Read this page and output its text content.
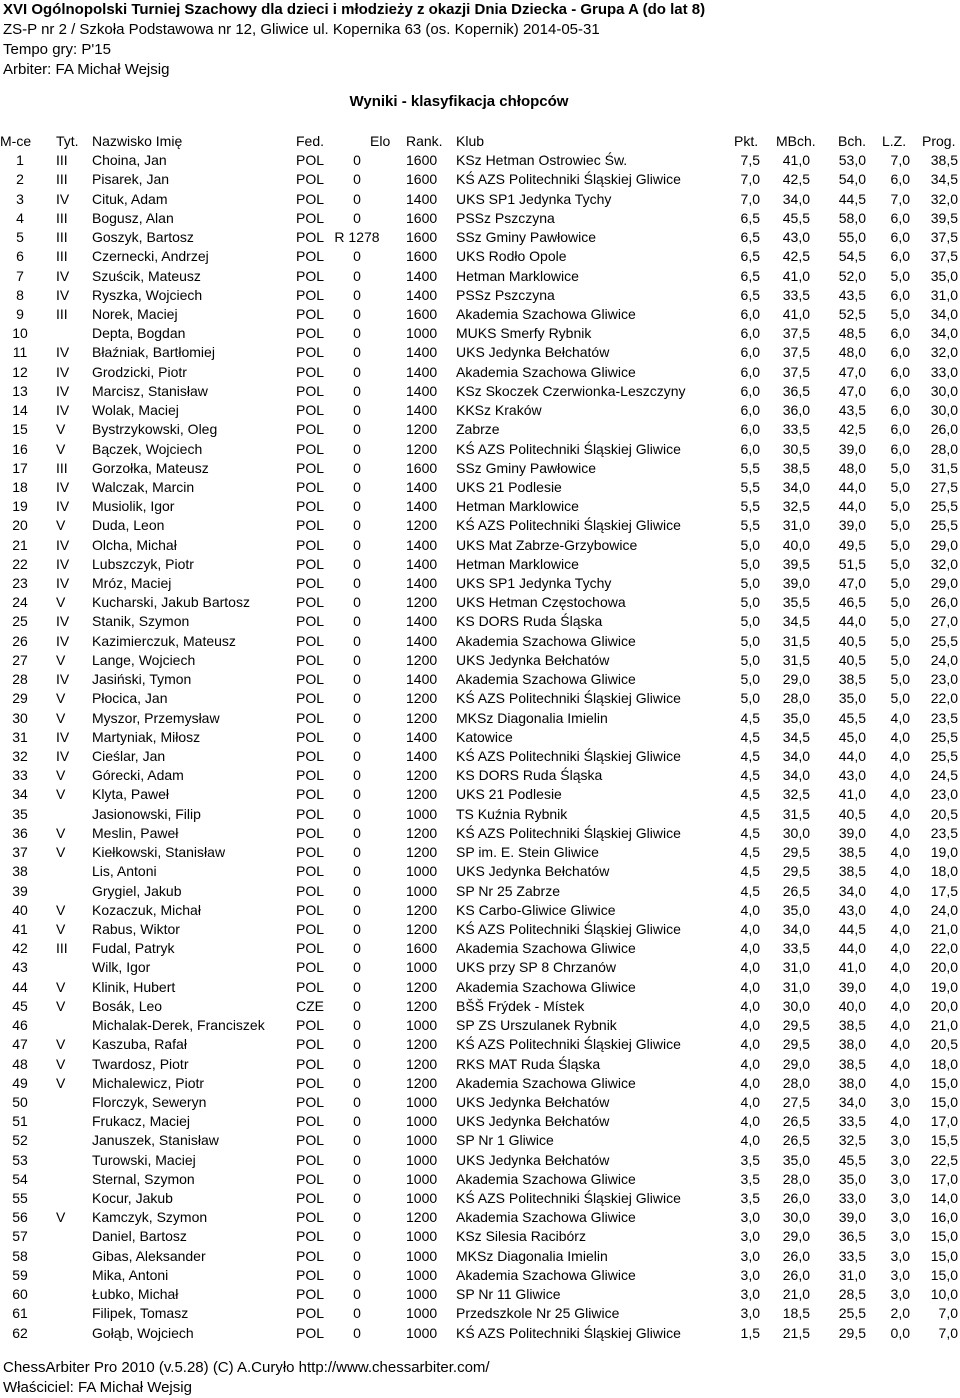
XVI Ogólnopolski Turniej Szachowy dla dzieci i młodzieży z okazji Dnia Dziecka - Grupa A (do lat 8)
ZS-P nr 2 / Szkoła Podstawowa nr 12, Gliwice ul. Kopernika 63 (os. Kopernik) 2014-05-31
Tempo gry: P'15
Arbiter: FA Michał Wejsig
Wyniki - klasyfikacja chłopców
M-ce Tyt. Nazwisko Imię	Fed.	Elo Rank. Klub	Pkt. MBch. Bch. L.Z. Prog.
1	III Choina, Jan	POL	0	1600 KSz Hetman Ostrowiec Św.	7,5	41,0	53,0	7,0	38,5
2	III Pisarek, Jan	POL	0	1600 KŚ AZS Politechniki Śląskiej Gliwice	7,0	42,5	54,0	6,0	34,5
3	IV Cituk, Adam	POL	0	1400 UKS SP1 Jedynka Tychy	7,0	34,0	44,5	7,0	32,0
4	III Bogusz, Alan	POL	0	1600 PSSz Pszczyna	6,5	45,5	58,0	6,0	39,5
5	III Goszyk, Bartosz	POL R 1278	1600 SSz Gminy Pawłowice	6,5	43,0	55,0	6,0	37,5
6	III Czernecki, Andrzej	POL	0	1600 UKS Rodło Opole	6,5	42,5	54,5	6,0	37,5
7	IV Szuścik, Mateusz	POL	0	1400 Hetman Marklowice	6,5	41,0	52,0	5,0	35,0
8	IV Ryszka, Wojciech	POL	0	1400 PSSz Pszczyna	6,5	33,5	43,5	6,0	31,0
9	III Norek, Maciej	POL	0	1600 Akademia Szachowa Gliwice	6,0	41,0	52,5	5,0	34,0
10	Depta, Bogdan	POL	0	1000 MUKS Smerfy Rybnik	6,0	37,5	48,5	6,0	34,0
11	IV Błaźniak, Bartłomiej	POL	0	1400 UKS Jedynka Bełchatów	6,0	37,5	48,0	6,0	32,0
12	IV Grodzicki, Piotr	POL	0	1400 Akademia Szachowa Gliwice	6,0	37,5	47,0	6,0	33,0
13	IV Marcisz, Stanisław	POL	0	1400 KSz Skoczek Czerwionka-Leszczyny	6,0	36,5	47,0	6,0	30,0
14	IV Wolak, Maciej	POL	0	1400 KKSz Kraków	6,0	36,0	43,5	6,0	30,0
15	V Bystrzykowski, Oleg	POL	0	1200 Zabrze	6,0	33,5	42,5	6,0	26,0
16	V Bączek, Wojciech	POL	0	1200 KŚ AZS Politechniki Śląskiej Gliwice	6,0	30,5	39,0	6,0	28,0
17	III Gorzołka, Mateusz	POL	0	1600 SSz Gminy Pawłowice	5,5	38,5	48,0	5,0	31,5
18	IV Walczak, Marcin	POL	0	1400 UKS 21 Podlesie	5,5	34,0	44,0	5,0	27,5
19	IV Musiolik, Igor	POL	0	1400 Hetman Marklowice	5,5	32,5	44,0	5,0	25,5
20	V Duda, Leon	POL	0	1200 KŚ AZS Politechniki Śląskiej Gliwice	5,5	31,0	39,0	5,0	25,5
21	IV Olcha, Michał	POL	0	1400 UKS Mat Zabrze-Grzybowice	5,0	40,0	49,5	5,0	29,0
22	IV Lubszczyk, Piotr	POL	0	1400 Hetman Marklowice	5,0	39,5	51,5	5,0	32,0
23	IV Mróz, Maciej	POL	0	1400 UKS SP1 Jedynka Tychy	5,0	39,0	47,0	5,0	29,0
24	V Kucharski, Jakub Bartosz	POL	0	1200 UKS Hetman Częstochowa	5,0	35,5	46,5	5,0	26,0
25	IV Stanik, Szymon	POL	0	1400 KS DORS Ruda Śląska	5,0	34,5	44,0	5,0	27,0
26	IV Kazimierczuk, Mateusz	POL	0	1400 Akademia Szachowa Gliwice	5,0	31,5	40,5	5,0	25,5
27	V Lange, Wojciech	POL	0	1200 UKS Jedynka Bełchatów	5,0	31,5	40,5	5,0	24,0
28	IV Jasiński, Tymon	POL	0	1400 Akademia Szachowa Gliwice	5,0	29,0	38,5	5,0	23,0
29	V Płocica, Jan	POL	0	1200 KŚ AZS Politechniki Śląskiej Gliwice	5,0	28,0	35,0	5,0	22,0
30	V Myszor, Przemysław	POL	0	1200 MKSz Diagonalia Imielin	4,5	35,0	45,5	4,0	23,5
31	IV Martyniak, Miłosz	POL	0	1400 Katowice	4,5	34,5	45,0	4,0	25,5
32	IV Cieślar, Jan	POL	0	1400 KŚ AZS Politechniki Śląskiej Gliwice	4,5	34,0	44,0	4,0	25,5
33	V Górecki, Adam	POL	0	1200 KS DORS Ruda Śląska	4,5	34,0	43,0	4,0	24,5
34	V Klyta, Paweł	POL	0	1200 UKS 21 Podlesie	4,5	32,5	41,0	4,0	23,0
35	Jasionowski, Filip	POL	0	1000 TS Kuźnia Rybnik	4,5	31,5	40,5	4,0	20,5
36	V Meslin, Paweł	POL	0	1200 KŚ AZS Politechniki Śląskiej Gliwice	4,5	30,0	39,0	4,0	23,5
37	V Kiełkowski, Stanisław	POL	0	1200 SP im. E. Stein Gliwice	4,5	29,5	38,5	4,0	19,0
38	Lis, Antoni	POL	0	1000 UKS Jedynka Bełchatów	4,5	29,5	38,5	4,0	18,0
39	Grygiel, Jakub	POL	0	1000 SP Nr 25 Zabrze	4,5	26,5	34,0	4,0	17,5
40	V Kozaczuk, Michał	POL	0	1200 KS Carbo-Gliwice Gliwice	4,0	35,0	43,0	4,0	24,0
41	V Rabus, Wiktor	POL	0	1200 KŚ AZS Politechniki Śląskiej Gliwice	4,0	34,0	44,5	4,0	21,0
42	III Fudal, Patryk	POL	0	1600 Akademia Szachowa Gliwice	4,0	33,5	44,0	4,0	22,0
43	Wilk, Igor	POL	0	1000 UKS przy SP 8 Chrzanów	4,0	31,0	41,0	4,0	20,0
44	V Klinik, Hubert	POL	0	1200 Akademia Szachowa Gliwice	4,0	31,0	39,0	4,0	19,0
45	V Bosák, Leo	CZE	0	1200 BŠŠ Frýdek - Místek	4,0	30,0	40,0	4,0	20,0
46	Michalak-Derek, Franciszek POL	0	1000 SP ZS Urszulanek Rybnik	4,0	29,5	38,5	4,0	21,0
47	V Kaszuba, Rafał	POL	0	1200 KŚ AZS Politechniki Śląskiej Gliwice	4,0	29,5	38,0	4,0	20,5
48	V Twardosz, Piotr	POL	0	1200 RKS MAT Ruda Śląska	4,0	29,0	38,5	4,0	18,0
49	V Michalewicz, Piotr	POL	0	1200 Akademia Szachowa Gliwice	4,0	28,0	38,0	4,0	15,0
50	Florczyk, Seweryn	POL	0	1000 UKS Jedynka Bełchatów	4,0	27,5	34,0	3,0	15,0
51	Frukacz, Maciej	POL	0	1000 UKS Jedynka Bełchatów	4,0	26,5	33,5	4,0	17,0
52	Januszek, Stanisław	POL	0	1000 SP Nr 1 Gliwice	4,0	26,5	32,5	3,0	15,5
53	Turowski, Maciej	POL	0	1000 UKS Jedynka Bełchatów	3,5	35,0	45,5	3,0	22,5
54	Sternal, Szymon	POL	0	1000 Akademia Szachowa Gliwice	3,5	28,0	35,0	3,0	17,0
55	Kocur, Jakub	POL	0	1000 KŚ AZS Politechniki Śląskiej Gliwice	3,5	26,0	33,0	3,0	14,0
56	V Kamczyk, Szymon	POL	0	1200 Akademia Szachowa Gliwice	3,0	30,0	39,0	3,0	16,0
57	Daniel, Bartosz	POL	0	1000 KSz Silesia Racibórz	3,0	29,0	36,5	3,0	15,0
58	Gibas, Aleksander	POL	0	1000 MKSz Diagonalia Imielin	3,0	26,0	33,5	3,0	15,0
59	Mika, Antoni	POL	0	1000 Akademia Szachowa Gliwice	3,0	26,0	31,0	3,0	15,0
60	Łubko, Michał	POL	0	1000 SP Nr 11 Gliwice	3,0	21,0	28,5	3,0	10,0
61	Filipek, Tomasz	POL	0	1000 Przedszkole Nr 25 Gliwice	3,0	18,5	25,5	2,0	7,0
62	Gołąb, Wojciech	POL	0	1000 KŚ AZS Politechniki Śląskiej Gliwice	1,5	21,5	29,5	0,0	7,0
ChessArbiter Pro 2010 (v.5.28) (C) A.Curyło http://www.chessarbiter.com/
Właściciel: FA Michał Wejsig
